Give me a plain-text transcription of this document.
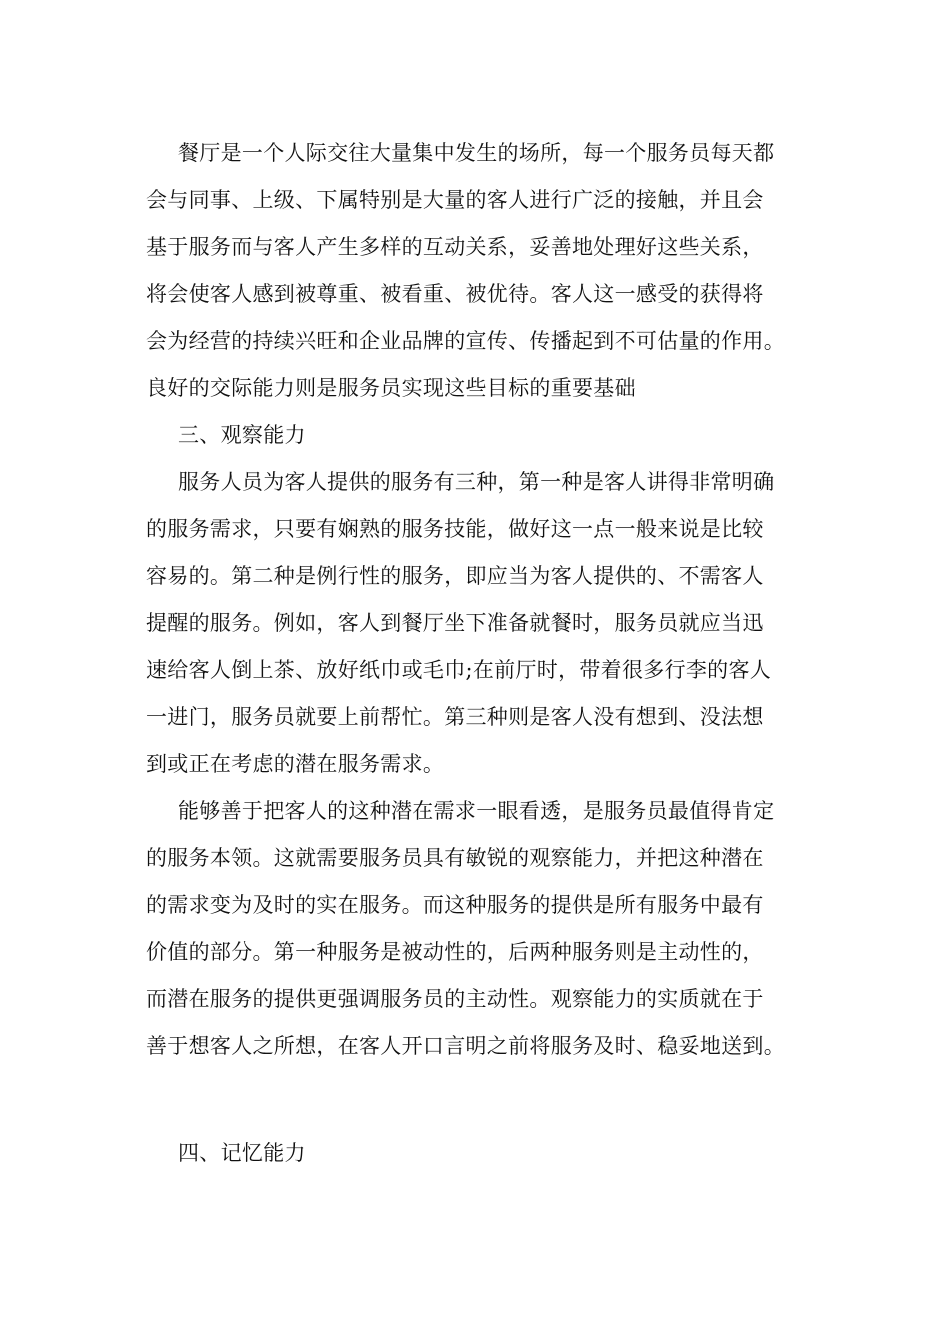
餐厅是一个人际交往大量集中发生的场所，每一个服务员每天都
会与同事、上级、下属特别是大量的客人进行广泛的接触，并且会
基于服务而与客人产生多样的互动关系，妥善地处理好这些关系，
将会使客人感到被尊重、被看重、被优待。客人这一感受的获得将
会为经营的持续兴旺和企业品牌的宣传、传播起到不可估量的作用。
良好的交际能力则是服务员实现这些目标的重要基础
三、观察能力
服务人员为客人提供的服务有三种，第一种是客人讲得非常明确
的服务需求，只要有娴熟的服务技能，做好这一点一般来说是比较
容易的。第二种是例行性的服务，即应当为客人提供的、不需客人
提醒的服务。例如，客人到餐厅坐下准备就餐时，服务员就应当迅
速给客人倒上茶、放好纸巾或毛巾;在前厅时，带着很多行李的客人
一进门，服务员就要上前帮忙。第三种则是客人没有想到、没法想
到或正在考虑的潜在服务需求。
能够善于把客人的这种潜在需求一眼看透，是服务员最值得肯定
的服务本领。这就需要服务员具有敏锐的观察能力，并把这种潜在
的需求变为及时的实在服务。而这种服务的提供是所有服务中最有
价值的部分。第一种服务是被动性的，后两种服务则是主动性的，
而潜在服务的提供更强调服务员的主动性。观察能力的实质就在于
善于想客人之所想，在客人开口言明之前将服务及时、稳妥地送到。
四、记忆能力
